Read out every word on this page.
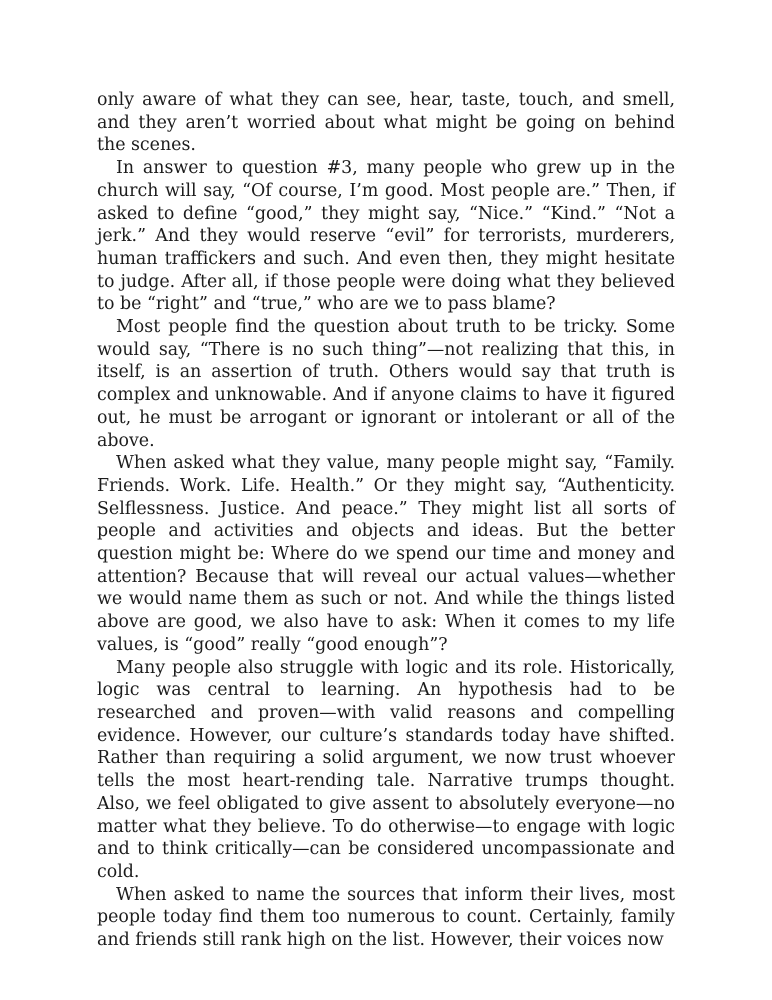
only aware of what they can see, hear, taste, touch, and smell, and they aren’t worried about what might be going on behind the scenes.

In answer to question #3, many people who grew up in the church will say, “Of course, I’m good. Most people are.” Then, if asked to define “good,” they might say, “Nice.” “Kind.” “Not a jerk.” And they would reserve “evil” for terrorists, murderers, human traffickers and such. And even then, they might hesitate to judge. After all, if those people were doing what they believed to be “right” and “true,” who are we to pass blame?

Most people find the question about truth to be tricky. Some would say, “There is no such thing”—not realizing that this, in itself, is an assertion of truth. Others would say that truth is complex and unknowable. And if anyone claims to have it figured out, he must be arrogant or ignorant or intolerant or all of the above.

When asked what they value, many people might say, “Family. Friends. Work. Life. Health.” Or they might say, “Authenticity. Selflessness. Justice. And peace.” They might list all sorts of people and activities and objects and ideas. But the better question might be: Where do we spend our time and money and attention? Because that will reveal our actual values—whether we would name them as such or not. And while the things listed above are good, we also have to ask: When it comes to my life values, is “good” really “good enough”?

Many people also struggle with logic and its role. Historically, logic was central to learning. An hypothesis had to be researched and proven—with valid reasons and compelling evidence. However, our culture’s standards today have shifted. Rather than requiring a solid argument, we now trust whoever tells the most heart-rending tale. Narrative trumps thought. Also, we feel obligated to give assent to absolutely everyone—no matter what they believe. To do otherwise—to engage with logic and to think critically—can be considered uncompassionate and cold.

When asked to name the sources that inform their lives, most people today find them too numerous to count. Certainly, family and friends still rank high on the list. However, their voices now
